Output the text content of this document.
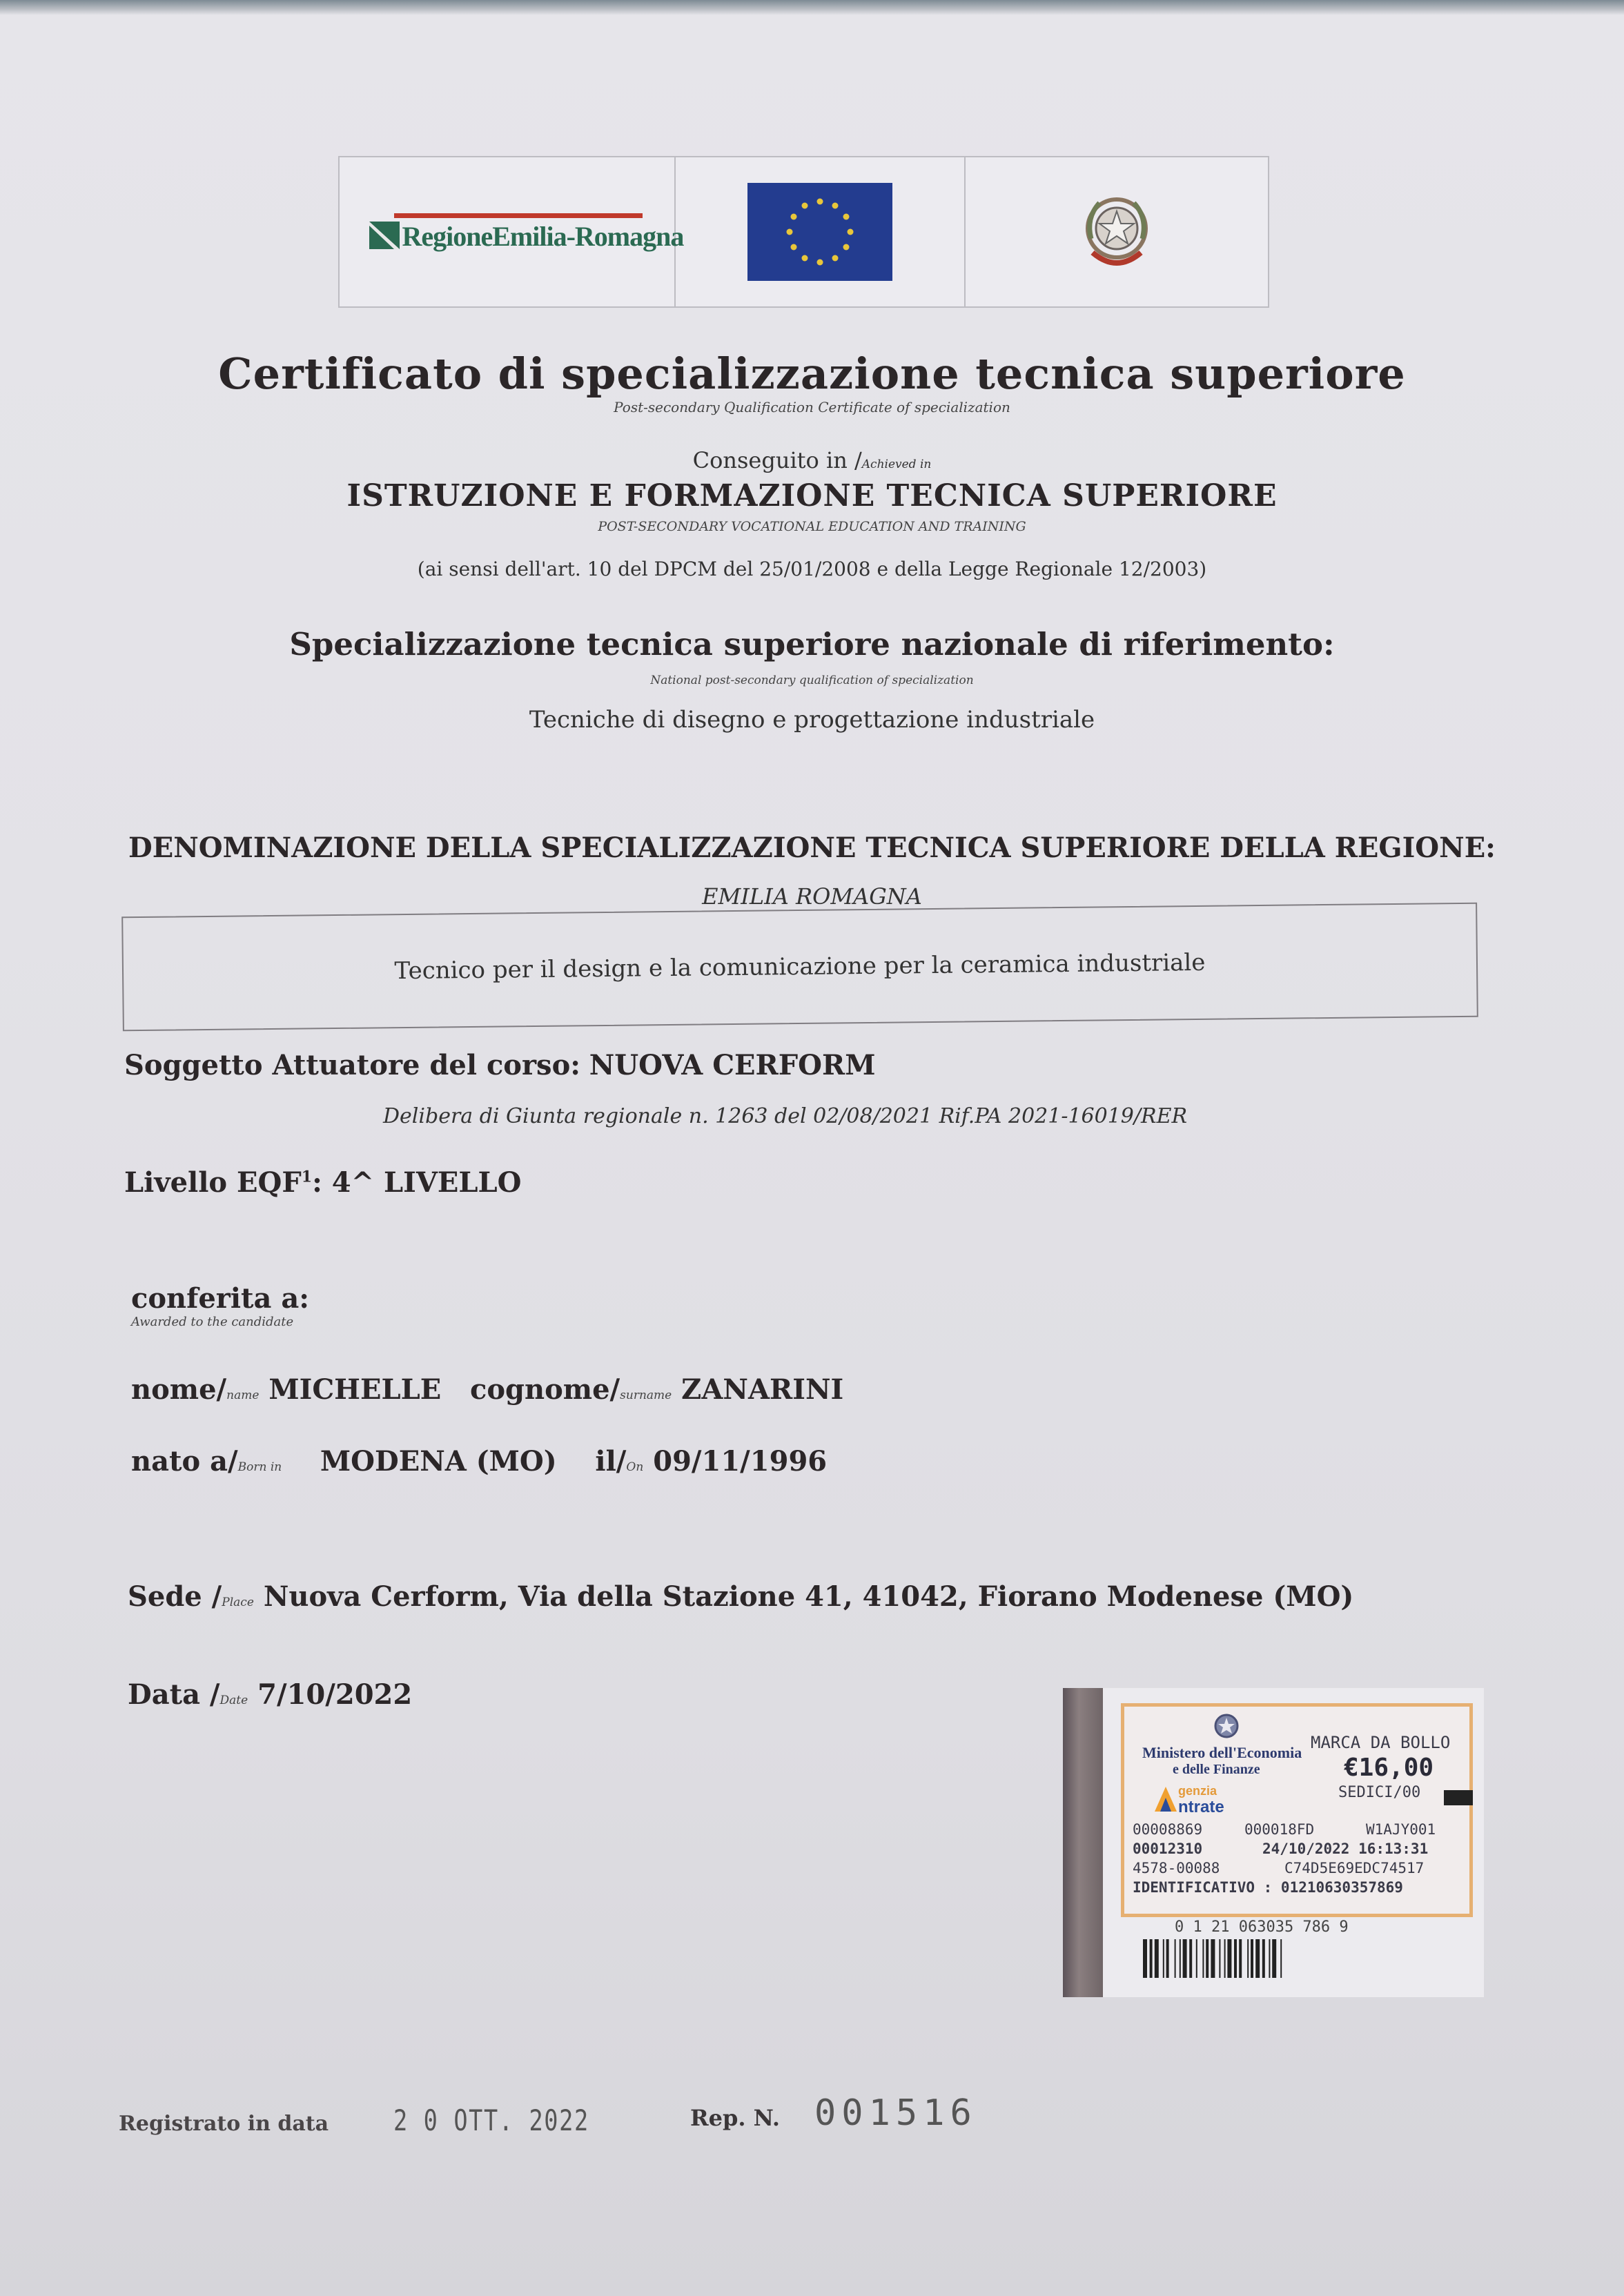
RegioneEmilia-Romagna
Certificato di specializzazione tecnica superiore
Post-secondary Qualification Certificate of specialization
Conseguito in /Achieved in
ISTRUZIONE E FORMAZIONE TECNICA SUPERIORE
POST-SECONDARY VOCATIONAL EDUCATION AND TRAINING
(ai sensi dell'art. 10 del DPCM del 25/01/2008 e della Legge Regionale 12/2003)
Specializzazione tecnica superiore nazionale di riferimento:
National post-secondary qualification of specialization
Tecniche di disegno e progettazione industriale
DENOMINAZIONE DELLA SPECIALIZZAZIONE TECNICA SUPERIORE DELLA REGIONE:
EMILIA ROMAGNA
Tecnico per il design e la comunicazione per la ceramica industriale
Soggetto Attuatore del corso: NUOVA CERFORM
Delibera di Giunta regionale n. 1263 del 02/08/2021 Rif.PA 2021-16019/RER
Livello EQF$^1$: 4^ LIVELLO
conferita a:
Awarded to the candidate
nome/name MICHELLE cognome/surname ZANARINI
nato a/Born in MODENA (MO) il/On 09/11/1996
Sede /Place Nuova Cerform, Via della Stazione 41, 41042, Fiorano Modenese (MO)
Data /Date 7/10/2022
Ministero dell'Economia
e delle Finanze
MARCA DA BOLLO
€16,00
SEDICI/00
genzia
ntrate
00008869	000018FD	W1AJY001
00012310	24/10/2022 16:13:31
4578-00088	C74D5E69EDC74517
IDENTIFICATIVO : 01210630357869
0 1 21 063035 786 9
Registrato in data 2 0 OTT. 2022	Rep. N. 001516
